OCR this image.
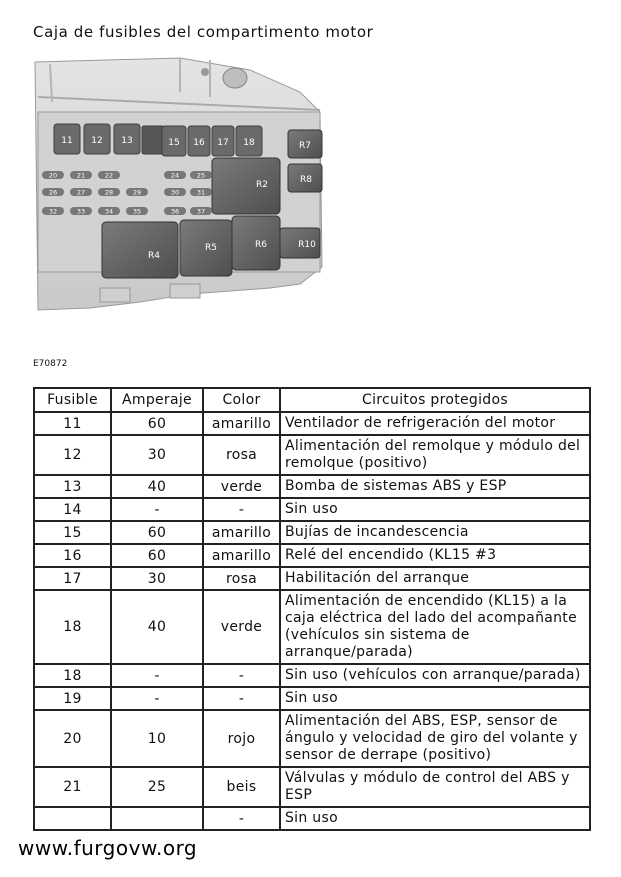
Caja de fusibles del compartimento motor
11 12 13	15 16 17 18	R7
R2	R8
20	21	22	24	25
26	27	28	29	30	31
32	33	34	35	36	37
R4
R5	R6	R10
E70872
Fusible	Amperaje	Color	Circuitos protegidos
11	60	amarillo	Ventilador de refrigeración del motor
12	30	rosa	Alimentación del remolque y módulo del remolque (positivo)
13	40	verde	Bomba de sistemas ABS y ESP
14	-	-	Sin uso
15	60	amarillo	Bujías de incandescencia
16	60	amarillo	Relé del encendido (KL15 #3
17	30	rosa	Habilitación del arranque
18	40	verde	Alimentación de encendido (KL15) a la caja eléctrica del lado del acompañante (vehículos sin sistema de arranque/parada)
18	-	-	Sin uso (vehículos con arranque/parada)
19	-	-	Sin uso
20	10	rojo	Alimentación del ABS, ESP, sensor de ángulo y velocidad de giro del volante y sensor de derrape (positivo)
21	25	beis	Válvulas y módulo de control del ABS y ESP
		-	Sin uso
www.furgovw.org
